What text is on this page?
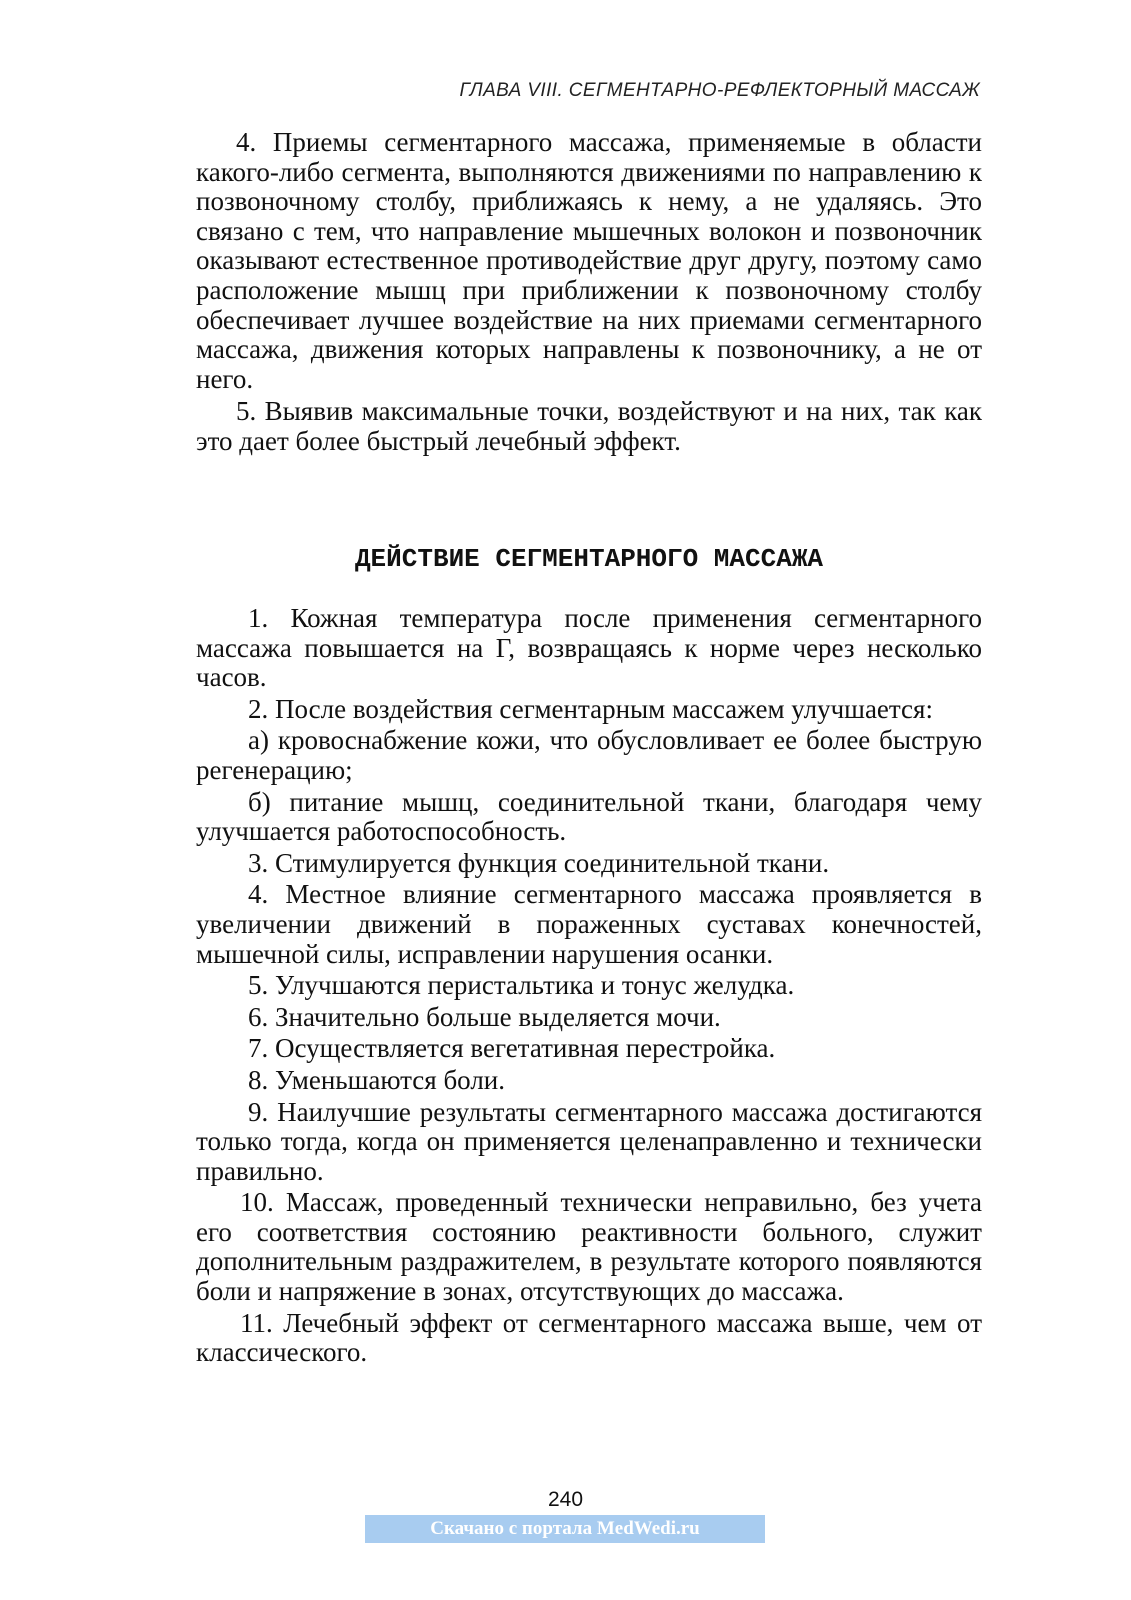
ГЛАВА VIII. СЕГМЕНТАРНО-РЕФЛЕКТОРНЫЙ МАССАЖ

4. Приемы сегментарного массажа, применяемые в области какого-либо сегмента, выполняются движениями по направлению к позвоночному столбу, приближаясь к нему, а не удаляясь. Это связано с тем, что направление мышечных волокон и позвоночник оказывают естественное противодействие друг другу, поэтому само расположение мышц при приближении к позвоночному столбу обеспечивает лучшее воздействие на них приемами сегментарного массажа, движения которых направлены к позвоночнику, а не от него.

5. Выявив максимальные точки, воздействуют и на них, так как это дает более быстрый лечебный эффект.

ДЕЙСТВИЕ СЕГМЕНТАРНОГО МАССАЖА

1. Кожная температура после применения сегментарного массажа повышается на Г, возвращаясь к норме через несколько часов.

2. После воздействия сегментарным массажем улучшается:

а) кровоснабжение кожи, что обусловливает ее более быструю регенерацию;

б) питание мышц, соединительной ткани, благодаря чему улучшается работоспособность.

3. Стимулируется функция соединительной ткани.

4. Местное влияние сегментарного массажа проявляется в увеличении движений в пораженных суставах конечностей, мышечной силы, исправлении нарушения осанки.

5. Улучшаются перистальтика и тонус желудка.

6. Значительно больше выделяется мочи.

7. Осуществляется вегетативная перестройка.

8. Уменьшаются боли.

9. Наилучшие результаты сегментарного массажа достигаются только тогда, когда он применяется целенаправленно и технически правильно.

10. Массаж, проведенный технически неправильно, без учета его соответствия состоянию реактивности больного, служит дополнительным раздражителем, в результате которого появляются боли и напряжение в зонах, отсутствующих до массажа.

11. Лечебный эффект от сегментарного массажа выше, чем от классического.

240
Скачано с портала MedWedi.ru
